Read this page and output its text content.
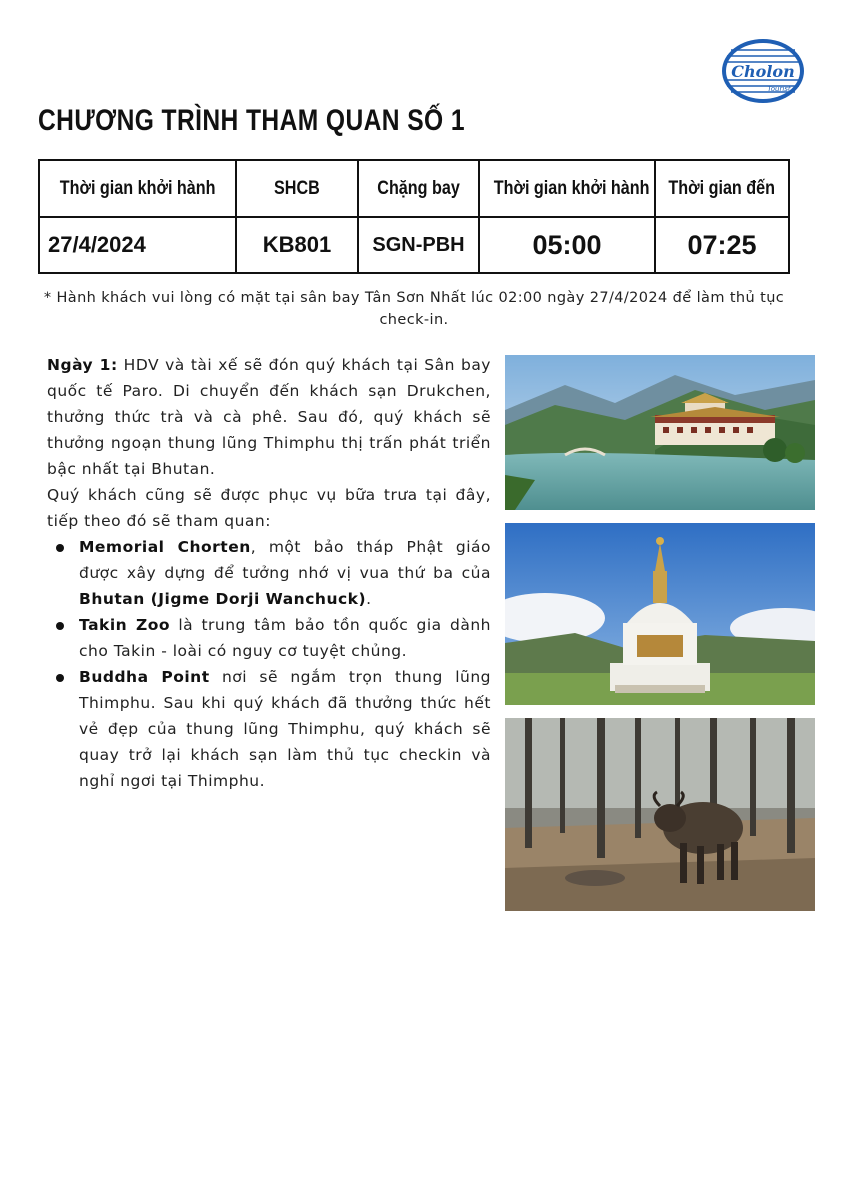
Cholon
Tourist
CHƯƠNG TRÌNH THAM QUAN SỐ 1
Thời gian khởi hành	SHCB	Chặng bay	Thời gian khởi hành	Thời gian đến
27/4/2024	KB801	SGN-PBH	05:00	07:25
* Hành khách vui lòng có mặt tại sân bay Tân Sơn Nhất lúc 02:00 ngày 27/4/2024 để làm thủ tục check-in.

Ngày 1: HDV và tài xế sẽ đón quý khách tại Sân bay quốc tế Paro. Di chuyển đến khách sạn Drukchen, thưởng thức trà và cà phê. Sau đó, quý khách sẽ thưởng ngoạn thung lũng Thimphu thị trấn phát triển bậc nhất tại Bhutan.

Quý khách cũng sẽ được phục vụ bữa trưa tại đây, tiếp theo đó sẽ tham quan:

Memorial Chorten, một bảo tháp Phật giáo được xây dựng để tưởng nhớ vị vua thứ ba của Bhutan (Jigme Dorji Wanchuck).
Takin Zoo là trung tâm bảo tồn quốc gia dành cho Takin - loài có nguy cơ tuyệt chủng.
Buddha Point nơi sẽ ngắm trọn thung lũng Thimphu. Sau khi quý khách đã thưởng thức hết vẻ đẹp của thung lũng Thimphu, quý khách sẽ quay trở lại khách sạn làm thủ tục checkin và nghỉ ngơi tại Thimphu.
